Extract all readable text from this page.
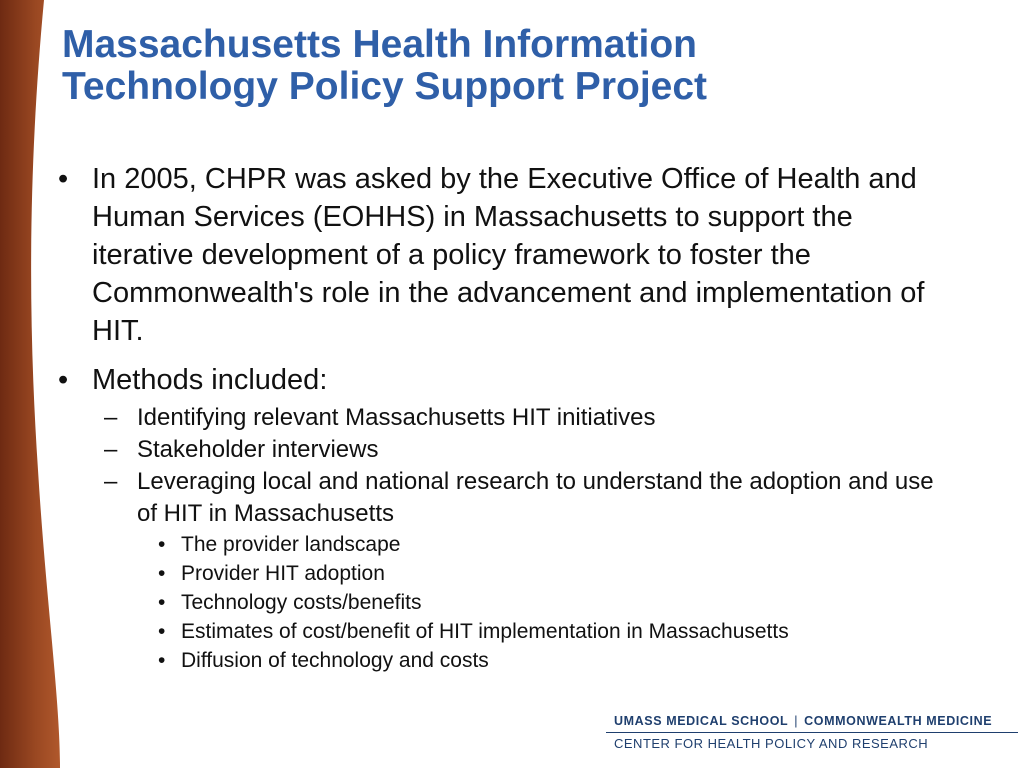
Massachusetts Health Information
Technology Policy Support Project
• In 2005, CHPR was asked by the Executive Office of Health and Human Services (EOHHS) in Massachusetts to support the iterative development of a policy framework to foster the Commonwealth's role in the advancement and implementation of HIT.
• Methods included:
– Identifying relevant Massachusetts HIT initiatives
– Stakeholder interviews
– Leveraging local and national research to understand the adoption and use of HIT in Massachusetts
• The provider landscape
• Provider HIT adoption
• Technology costs/benefits
• Estimates of cost/benefit of HIT implementation in Massachusetts
• Diffusion of technology and costs
UMASS MEDICAL SCHOOL | COMMONWEALTH MEDICINE
CENTER FOR HEALTH POLICY AND RESEARCH
